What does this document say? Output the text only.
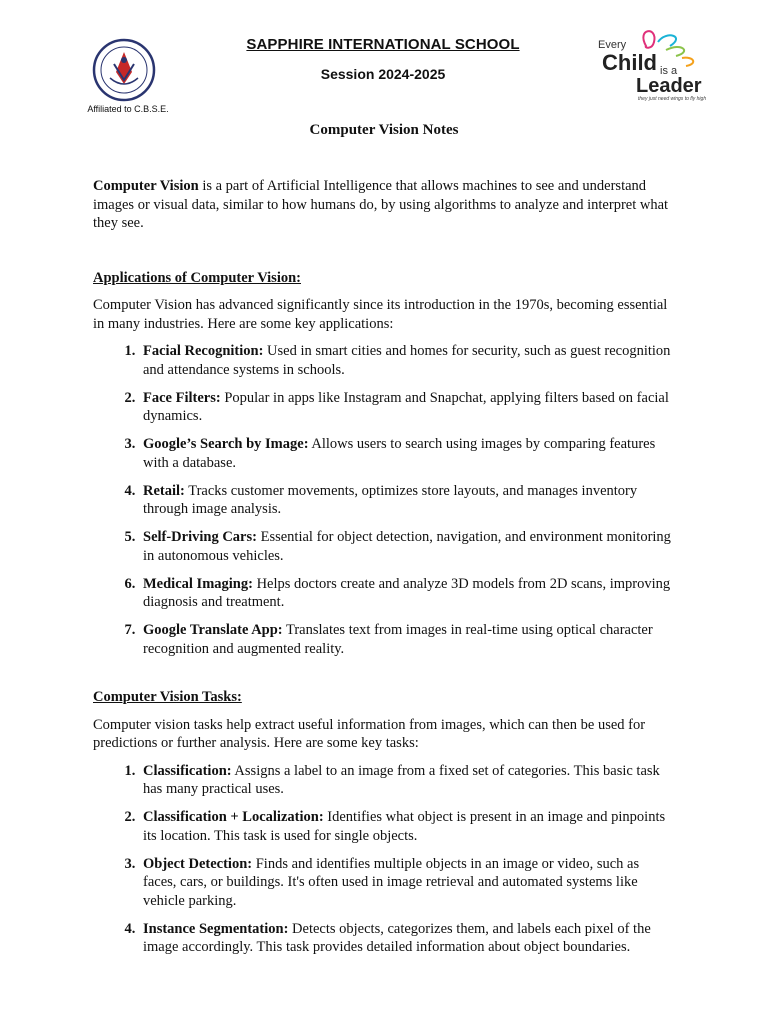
Affiliated to C.B.S.E.
SAPPHIRE INTERNATIONAL SCHOOL
Session 2024-2025
Every
Child is a
Leader
they just need wings to fly high
Computer Vision Notes

Computer Vision is a part of Artificial Intelligence that allows machines to see and understand images or visual data, similar to how humans do, by using algorithms to analyze and interpret what they see.

Applications of Computer Vision:

Computer Vision has advanced significantly since its introduction in the 1970s, becoming essential in many industries. Here are some key applications:

1. Facial Recognition: Used in smart cities and homes for security, such as guest recognition and attendance systems in schools.
2. Face Filters: Popular in apps like Instagram and Snapchat, applying filters based on facial dynamics.
3. Google’s Search by Image: Allows users to search using images by comparing features with a database.
4. Retail: Tracks customer movements, optimizes store layouts, and manages inventory through image analysis.
5. Self-Driving Cars: Essential for object detection, navigation, and environment monitoring in autonomous vehicles.
6. Medical Imaging: Helps doctors create and analyze 3D models from 2D scans, improving diagnosis and treatment.
7. Google Translate App: Translates text from images in real-time using optical character recognition and augmented reality.

Computer Vision Tasks:

Computer vision tasks help extract useful information from images, which can then be used for predictions or further analysis. Here are some key tasks:

1. Classification: Assigns a label to an image from a fixed set of categories. This basic task has many practical uses.
2. Classification + Localization: Identifies what object is present in an image and pinpoints its location. This task is used for single objects.
3. Object Detection: Finds and identifies multiple objects in an image or video, such as faces, cars, or buildings. It's often used in image retrieval and automated systems like vehicle parking.
4. Instance Segmentation: Detects objects, categorizes them, and labels each pixel of the image accordingly. This task provides detailed information about object boundaries.
